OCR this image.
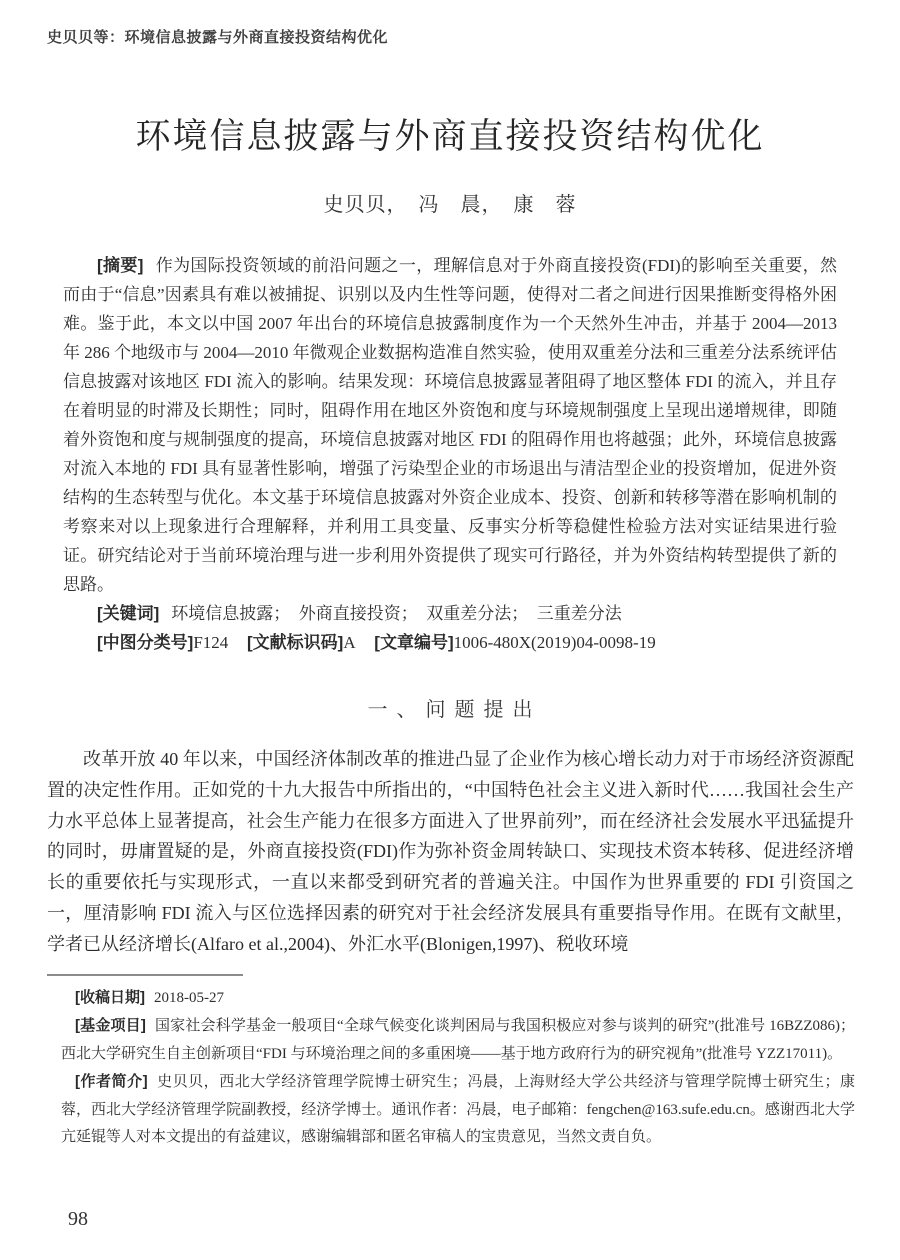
史贝贝等：环境信息披露与外商直接投资结构优化
环境信息披露与外商直接投资结构优化
史贝贝，　冯　晨，　康　蓉

[摘要] 作为国际投资领域的前沿问题之一，理解信息对于外商直接投资(FDI)的影响至关重要，然而由于“信息”因素具有难以被捕捉、识别以及内生性等问题，使得对二者之间进行因果推断变得格外困难。鉴于此，本文以中国 2007 年出台的环境信息披露制度作为一个天然外生冲击，并基于 2004—2013 年 286 个地级市与 2004—2010 年微观企业数据构造准自然实验，使用双重差分法和三重差分法系统评估信息披露对该地区 FDI 流入的影响。结果发现：环境信息披露显著阻碍了地区整体 FDI 的流入，并且存在着明显的时滞及长期性；同时，阻碍作用在地区外资饱和度与环境规制强度上呈现出递增规律，即随着外资饱和度与规制强度的提高，环境信息披露对地区 FDI 的阻碍作用也将越强；此外，环境信息披露对流入本地的 FDI 具有显著性影响，增强了污染型企业的市场退出与清洁型企业的投资增加，促进外资结构的生态转型与优化。本文基于环境信息披露对外资企业成本、投资、创新和转移等潜在影响机制的考察来对以上现象进行合理解释，并利用工具变量、反事实分析等稳健性检验方法对实证结果进行验证。研究结论对于当前环境治理与进一步利用外资提供了现实可行路径，并为外资结构转型提供了新的思路。

[关键词] 环境信息披露；　外商直接投资；　双重差分法；　三重差分法

[中图分类号]F124 [文献标识码]A [文章编号]1006-480X(2019)04-0098-19

一、问题提出

改革开放 40 年以来，中国经济体制改革的推进凸显了企业作为核心增长动力对于市场经济资源配置的决定性作用。正如党的十九大报告中所指出的，“中国特色社会主义进入新时代……我国社会生产力水平总体上显著提高，社会生产能力在很多方面进入了世界前列”，而在经济社会发展水平迅猛提升的同时，毋庸置疑的是，外商直接投资(FDI)作为弥补资金周转缺口、实现技术资本转移、促进经济增长的重要依托与实现形式，一直以来都受到研究者的普遍关注。中国作为世界重要的 FDI 引资国之一，厘清影响 FDI 流入与区位选择因素的研究对于社会经济发展具有重要指导作用。在既有文献里，学者已从经济增长(Alfaro et al.,2004)、外汇水平(Blonigen,1997)、税收环境

[收稿日期] 2018-05-27

[基金项目] 国家社会科学基金一般项目“全球气候变化谈判困局与我国积极应对参与谈判的研究”(批准号 16BZZ086)；西北大学研究生自主创新项目“FDI 与环境治理之间的多重困境——基于地方政府行为的研究视角”(批准号 YZZ17011)。

[作者简介] 史贝贝，西北大学经济管理学院博士研究生；冯晨，上海财经大学公共经济与管理学院博士研究生；康蓉，西北大学经济管理学院副教授，经济学博士。通讯作者：冯晨，电子邮箱：fengchen@163.sufe.edu.cn。感谢西北大学亢延锟等人对本文提出的有益建议，感谢编辑部和匿名审稿人的宝贵意见，当然文责自负。

98
